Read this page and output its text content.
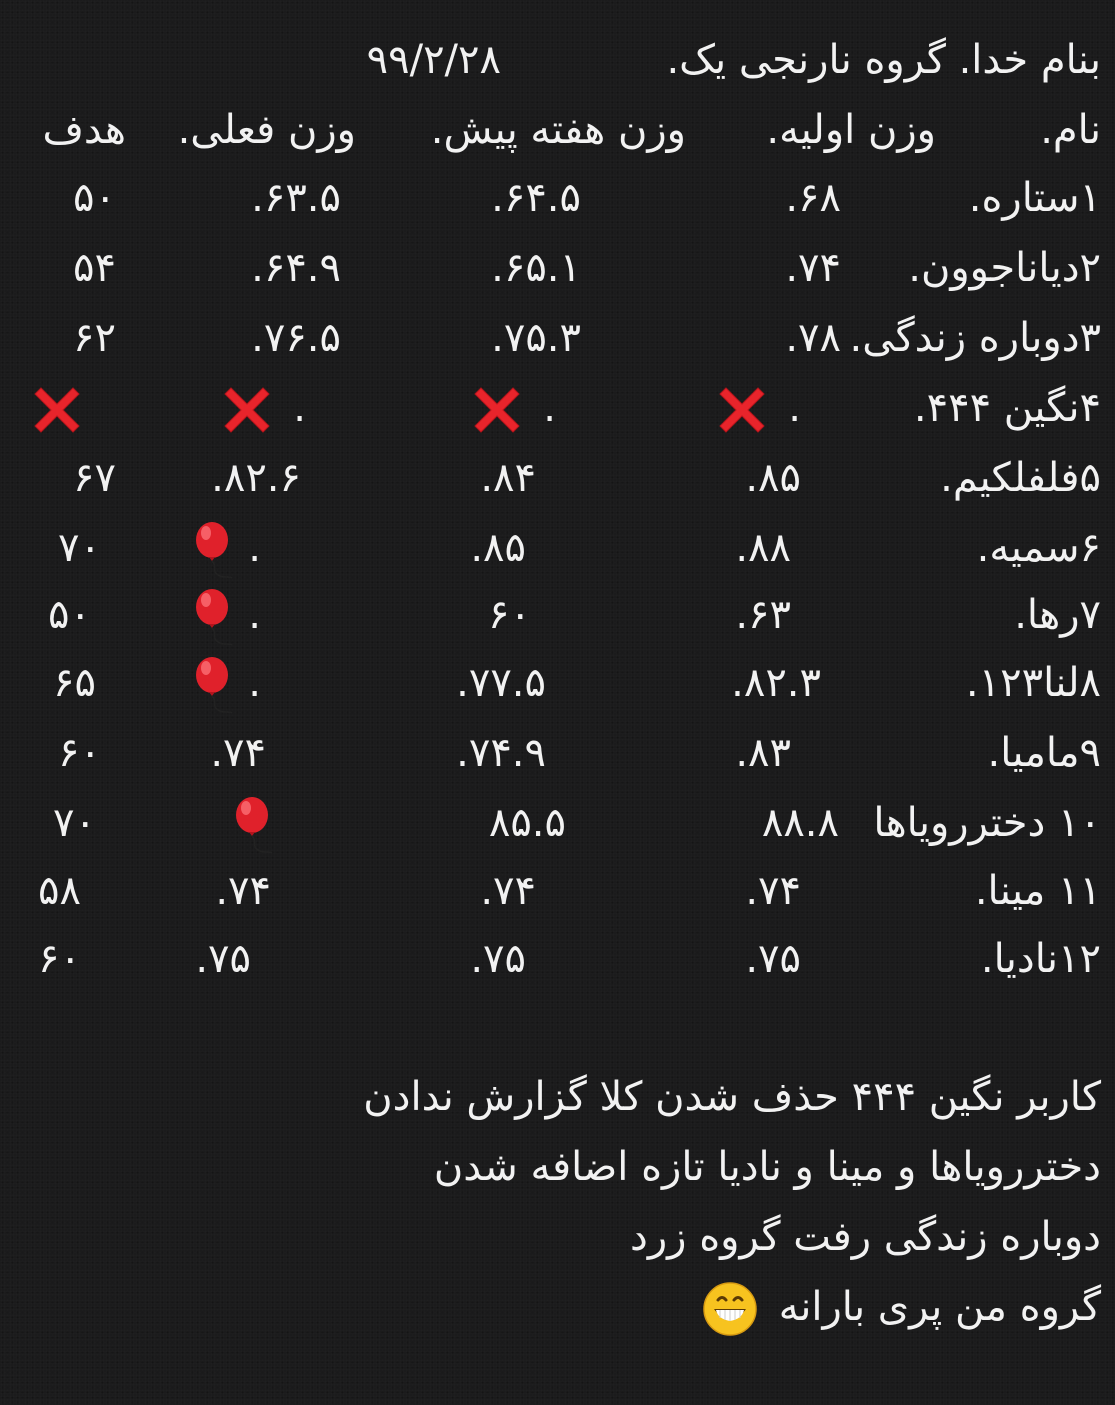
بنام خدا. گروه نارنجی یک.
۹۹/۲/۲۸
نام.
وزن اولیه.
وزن هفته پیش.
وزن فعلی.
هدف
۱ستاره.
۶۸.
۶۴.۵.
۶۳.۵.
۵۰
۲دیاناجوون.
۷۴.
۶۵.۱.
۶۴.۹.
۵۴
۳دوباره زندگی.
۷۸.
۷۵.۳.
۷۶.۵.
۶۲
۴نگین ۴۴۴.
.
.
.
۵فلفلکیم.
۸۵.
۸۴.
۸۲.۶.
۶۷
۶سمیه.
۸۸.
۸۵.
.
۷۰
۷رها.
۶۳.
۶۰
.
۵۰
۸لنا۱۲۳.
۸۲.۳.
۷۷.۵.
.
۶۵
۹مامیا.
۸۳.
۷۴.۹.
۷۴.
۶۰
۱۰ دختررویاها
۸۸.۸
۸۵.۵
۷۰
۱۱ مینا.
۷۴.
۷۴.
۷۴.
۵۸
۱۲نادیا.
۷۵.
۷۵.
۷۵.
۶۰
کاربر نگین ۴۴۴ حذف شدن کلا گزارش ندادن
دختررویاها و مینا و نادیا تازه اضافه شدن
دوباره زندگی رفت گروه زرد
گروه من پری بارانه
